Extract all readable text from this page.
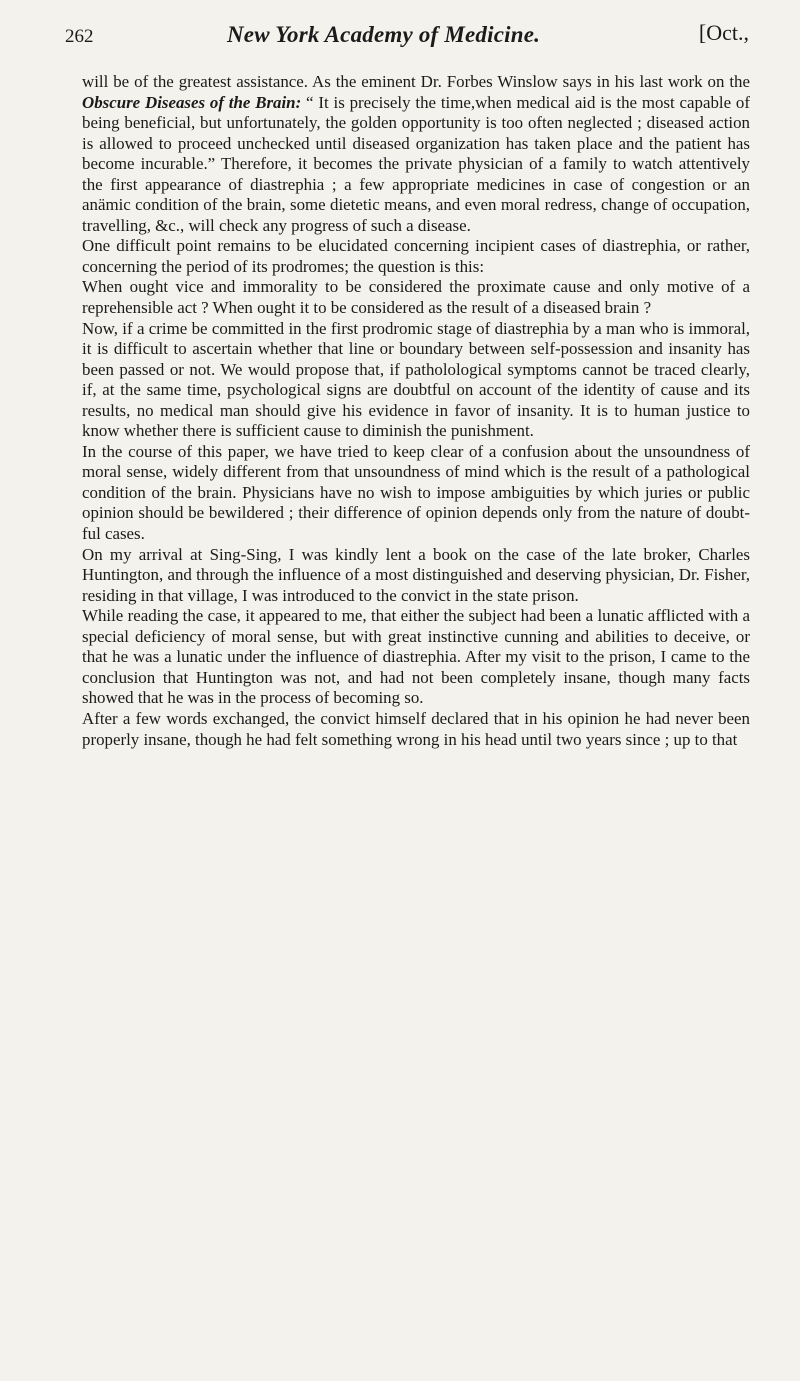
262	New York Academy of Medicine.	[Oct.,

will be of the greatest assistance. As the eminent Dr. Forbes Winslow says in his last work on the Obscure Diseases of the Brain: “ It is precisely the time,when medical aid is the most capable of being beneficial, but unfortunately, the golden opportunity is too often neglected ; diseased action is allowed to proceed unchecked until diseased organization has taken place and the patient has become incurable.” Therefore, it becomes the private physician of a family to watch attentively the first appearance of diastrephia ; a few appropriate medicines in case of congestion or an anämic condition of the brain, some dietetic means, and even moral redress, change of occupation, travelling, &c., will check any progress of such a disease.

One difficult point remains to be elucidated concerning incipient cases of diastrephia, or rather, concerning the period of its prodromes; the question is this:

When ought vice and immorality to be considered the proximate cause and only motive of a reprehensible act ? When ought it to be considered as the result of a diseased brain ?

Now, if a crime be committed in the first prodromic stage of diastrephia by a man who is immoral, it is difficult to ascertain whether that line or boundary between self-possession and insanity has been passed or not. We would propose that, if patholological symptoms cannot be traced clearly, if, at the same time, psychological signs are doubtful on account of the identity of cause and its results, no medical man should give his evidence in favor of insanity. It is to human justice to know whether there is sufficient cause to diminish the punishment.

In the course of this paper, we have tried to keep clear of a confusion about the unsoundness of moral sense, widely different from that unsoundness of mind which is the result of a pathological condition of the brain. Physicians have no wish to impose ambiguities by which juries or public opinion should be bewildered ; their difference of opinion depends only from the nature of doubtful cases.

On my arrival at Sing-Sing, I was kindly lent a book on the case of the late broker, Charles Huntington, and through the influence of a most distinguished and deserving physician, Dr. Fisher, residing in that village, I was introduced to the convict in the state prison.

While reading the case, it appeared to me, that either the subject had been a lunatic afflicted with a special deficiency of moral sense, but with great instinctive cunning and abilities to deceive, or that he was a lunatic under the influence of diastrephia. After my visit to the prison, I came to the conclusion that Huntington was not, and had not been completely insane, though many facts showed that he was in the process of becoming so.

After a few words exchanged, the convict himself declared that in his opinion he had never been properly insane, though he had felt something wrong in his head until two years since ; up to that
